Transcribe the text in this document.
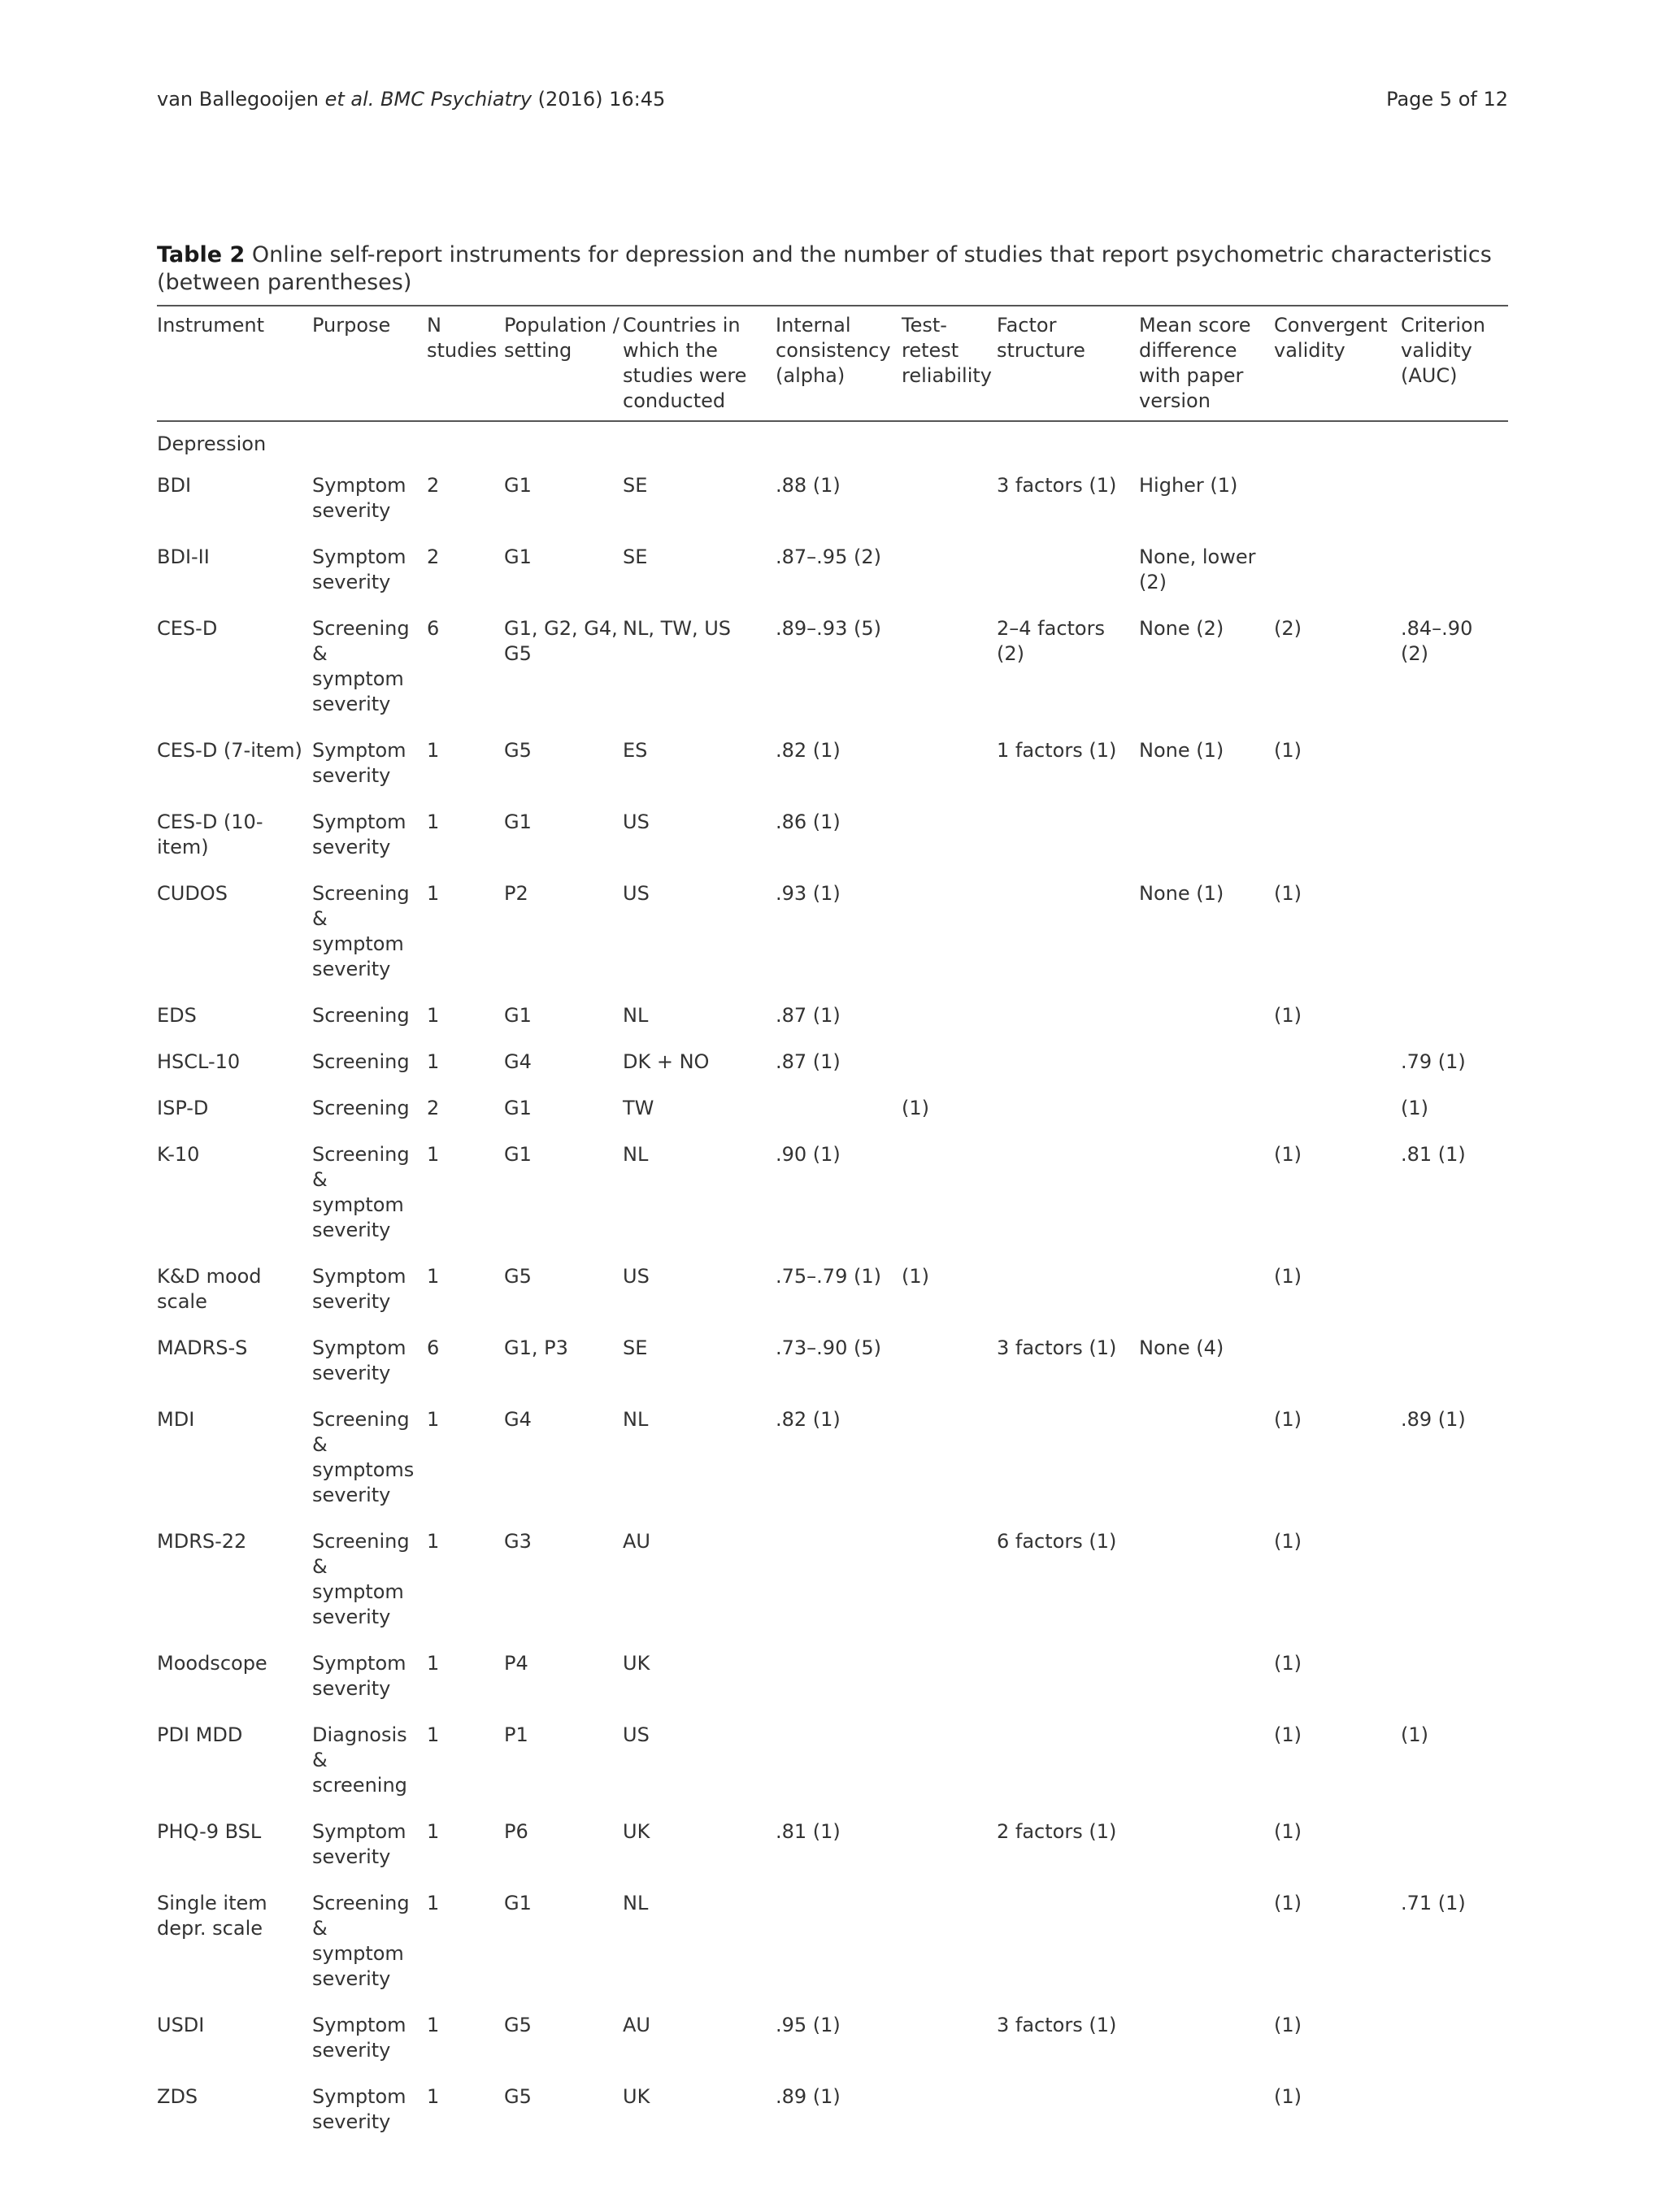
van Ballegooijen et al. BMC Psychiatry (2016) 16:45	Page 5 of 12
Table 2 Online self-report instruments for depression and the number of studies that report psychometric characteristics (between parentheses)
Instrument	Purpose	N studies	Population / setting	Countries in which the studies were conducted	Internal consistency (alpha)	Test-retest reliability	Factor structure	Mean score difference with paper version	Convergent validity	Criterion validity (AUC)
Depression										
BDI	Symptom severity	2	G1	SE	.88 (1)		3 factors (1)	Higher (1)		
BDI-II	Symptom severity	2	G1	SE	.87–.95 (2)			None, lower (2)		
CES-D	Screening & symptom severity	6	G1, G2, G4, G5	NL, TW, US	.89–.93 (5)		2–4 factors (2)	None (2)	(2)	.84–.90 (2)
CES-D (7-item)	Symptom severity	1	G5	ES	.82 (1)		1 factors (1)	None (1)	(1)	
CES-D (10-item)	Symptom severity	1	G1	US	.86 (1)					
CUDOS	Screening & symptom severity	1	P2	US	.93 (1)			None (1)	(1)	
EDS	Screening	1	G1	NL	.87 (1)				(1)	
HSCL-10	Screening	1	G4	DK + NO	.87 (1)					.79 (1)
ISP-D	Screening	2	G1	TW		(1)				(1)
K-10	Screening & symptom severity	1	G1	NL	.90 (1)				(1)	.81 (1)
K&D mood scale	Symptom severity	1	G5	US	.75–.79 (1)	(1)			(1)	
MADRS-S	Symptom severity	6	G1, P3	SE	.73–.90 (5)		3 factors (1)	None (4)		
MDI	Screening & symptoms severity	1	G4	NL	.82 (1)				(1)	.89 (1)
MDRS-22	Screening & symptom severity	1	G3	AU			6 factors (1)		(1)	
Moodscope	Symptom severity	1	P4	UK					(1)	
PDI MDD	Diagnosis & screening	1	P1	US					(1)	(1)
PHQ-9 BSL	Symptom severity	1	P6	UK	.81 (1)		2 factors (1)		(1)	
Single item depr. scale	Screening & symptom severity	1	G1	NL					(1)	.71 (1)
USDI	Symptom severity	1	G5	AU	.95 (1)		3 factors (1)		(1)	
ZDS	Symptom severity	1	G5	UK	.89 (1)				(1)	
